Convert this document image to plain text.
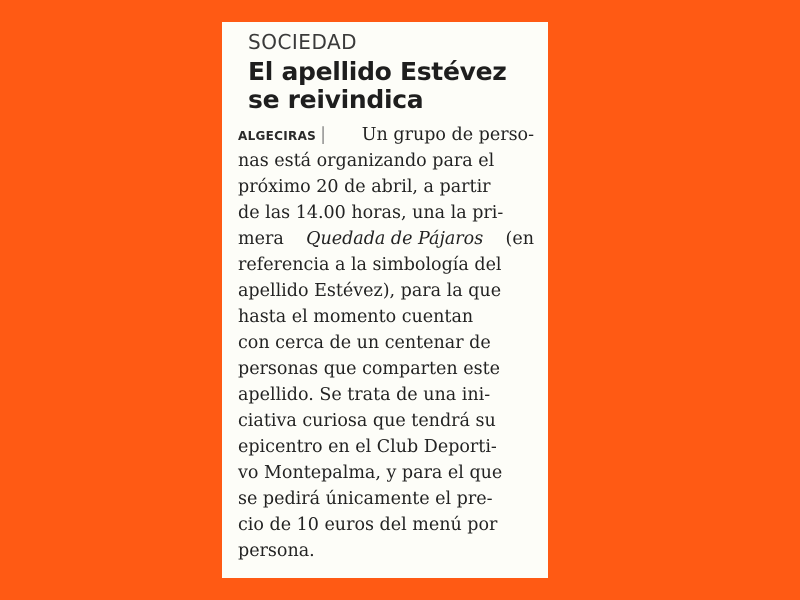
SOCIEDAD
El apellido Estévez
se reivindica
ALGECIRAS | Un grupo de perso-
nas está organizando para el
próximo 20 de abril, a partir
de las 14.00 horas, una la pri-
mera Quedada de Pájaros (en
referencia a la simbología del
apellido Estévez), para la que
hasta el momento cuentan
con cerca de un centenar de
personas que comparten este
apellido. Se trata de una ini-
ciativa curiosa que tendrá su
epicentro en el Club Deporti-
vo Montepalma, y para el que
se pedirá únicamente el pre-
cio de 10 euros del menú por
persona.
